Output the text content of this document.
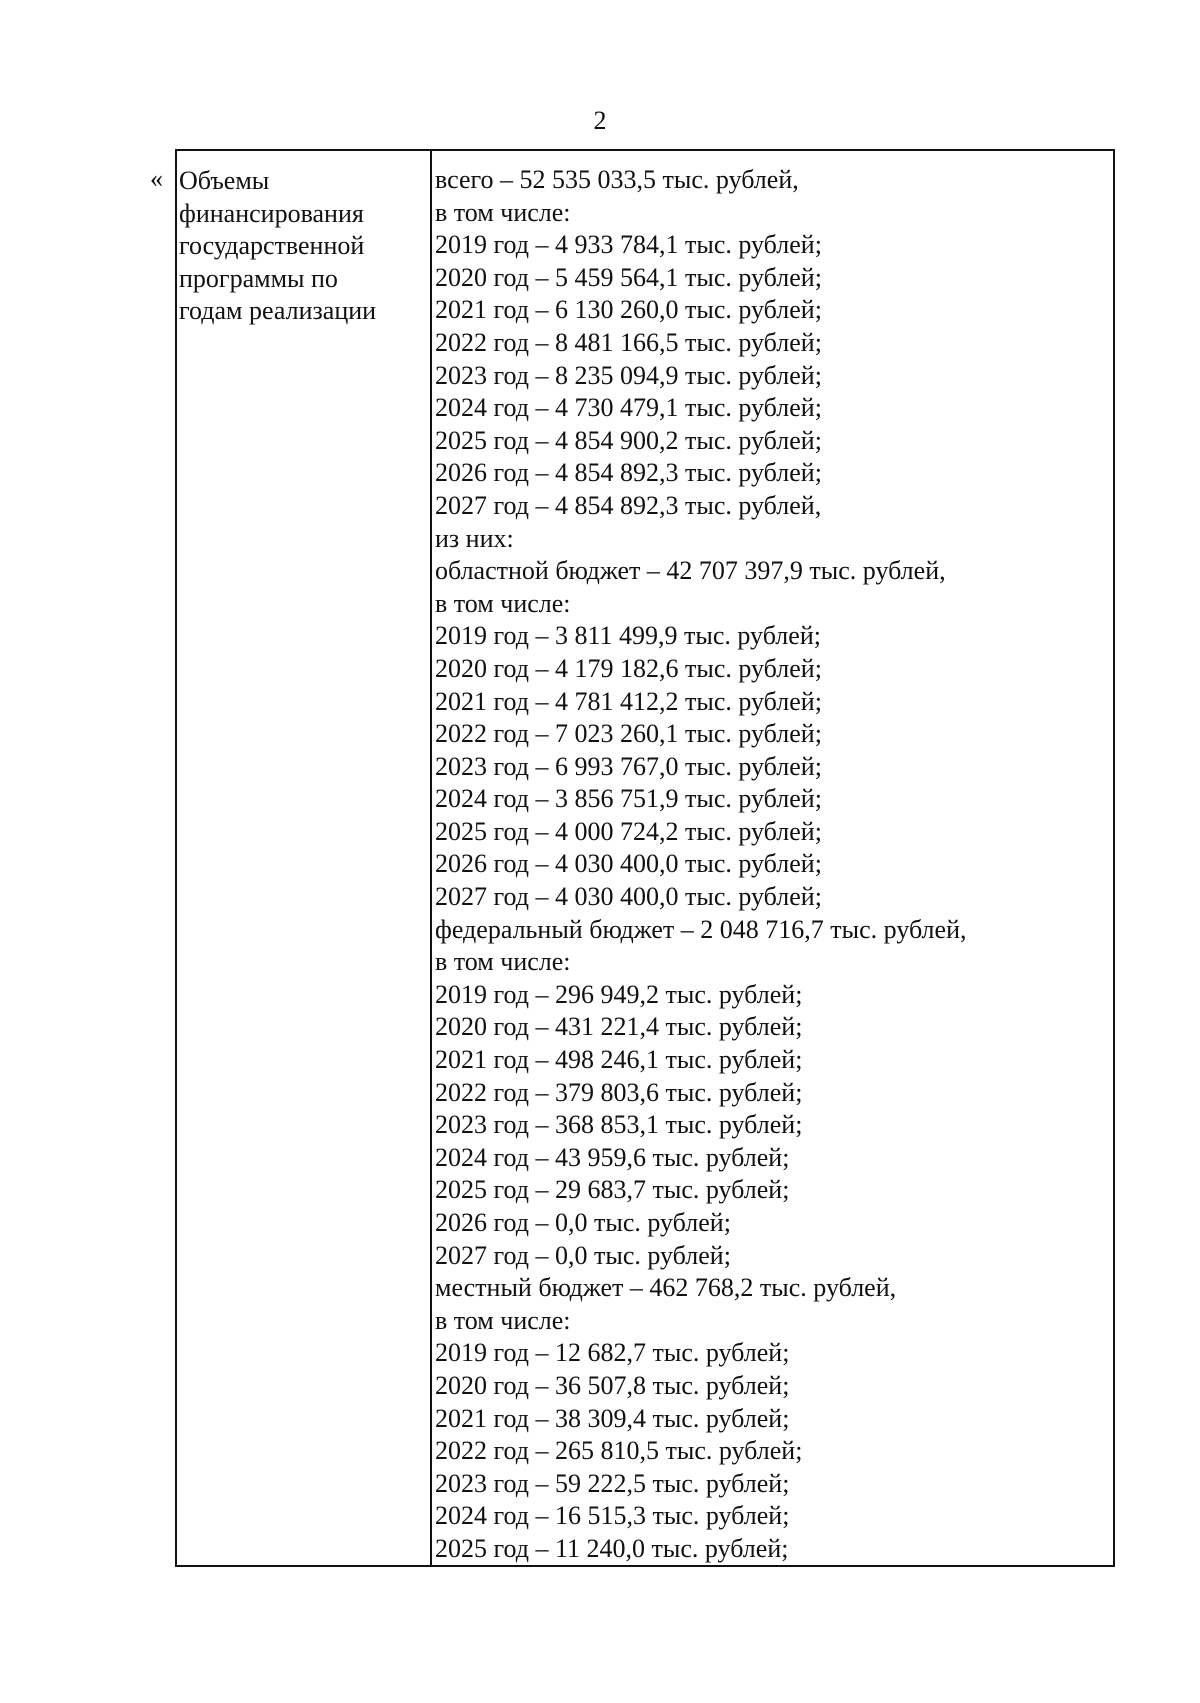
2
« Объемы
финансирования
государственной
программы по
годам реализации
всего – 52 535 033,5 тыс. рублей,
в том числе:
2019 год – 4 933 784,1 тыс. рублей;
2020 год – 5 459 564,1 тыс. рублей;
2021 год – 6 130 260,0 тыс. рублей;
2022 год – 8 481 166,5 тыс. рублей;
2023 год – 8 235 094,9 тыс. рублей;
2024 год – 4 730 479,1 тыс. рублей;
2025 год – 4 854 900,2 тыс. рублей;
2026 год – 4 854 892,3 тыс. рублей;
2027 год – 4 854 892,3 тыс. рублей,
из них:
областной бюджет – 42 707 397,9 тыс. рублей,
в том числе:
2019 год – 3 811 499,9 тыс. рублей;
2020 год – 4 179 182,6 тыс. рублей;
2021 год – 4 781 412,2 тыс. рублей;
2022 год – 7 023 260,1 тыс. рублей;
2023 год – 6 993 767,0 тыс. рублей;
2024 год – 3 856 751,9 тыс. рублей;
2025 год – 4 000 724,2 тыс. рублей;
2026 год – 4 030 400,0 тыс. рублей;
2027 год – 4 030 400,0 тыс. рублей;
федеральный бюджет – 2 048 716,7 тыс. рублей,
в том числе:
2019 год – 296 949,2 тыс. рублей;
2020 год – 431 221,4 тыс. рублей;
2021 год – 498 246,1 тыс. рублей;
2022 год – 379 803,6 тыс. рублей;
2023 год – 368 853,1 тыс. рублей;
2024 год – 43 959,6 тыс. рублей;
2025 год – 29 683,7 тыс. рублей;
2026 год – 0,0 тыс. рублей;
2027 год – 0,0 тыс. рублей;
местный бюджет – 462 768,2 тыс. рублей,
в том числе:
2019 год – 12 682,7 тыс. рублей;
2020 год – 36 507,8 тыс. рублей;
2021 год – 38 309,4 тыс. рублей;
2022 год – 265 810,5 тыс. рублей;
2023 год – 59 222,5 тыс. рублей;
2024 год – 16 515,3 тыс. рублей;
2025 год – 11 240,0 тыс. рублей;
